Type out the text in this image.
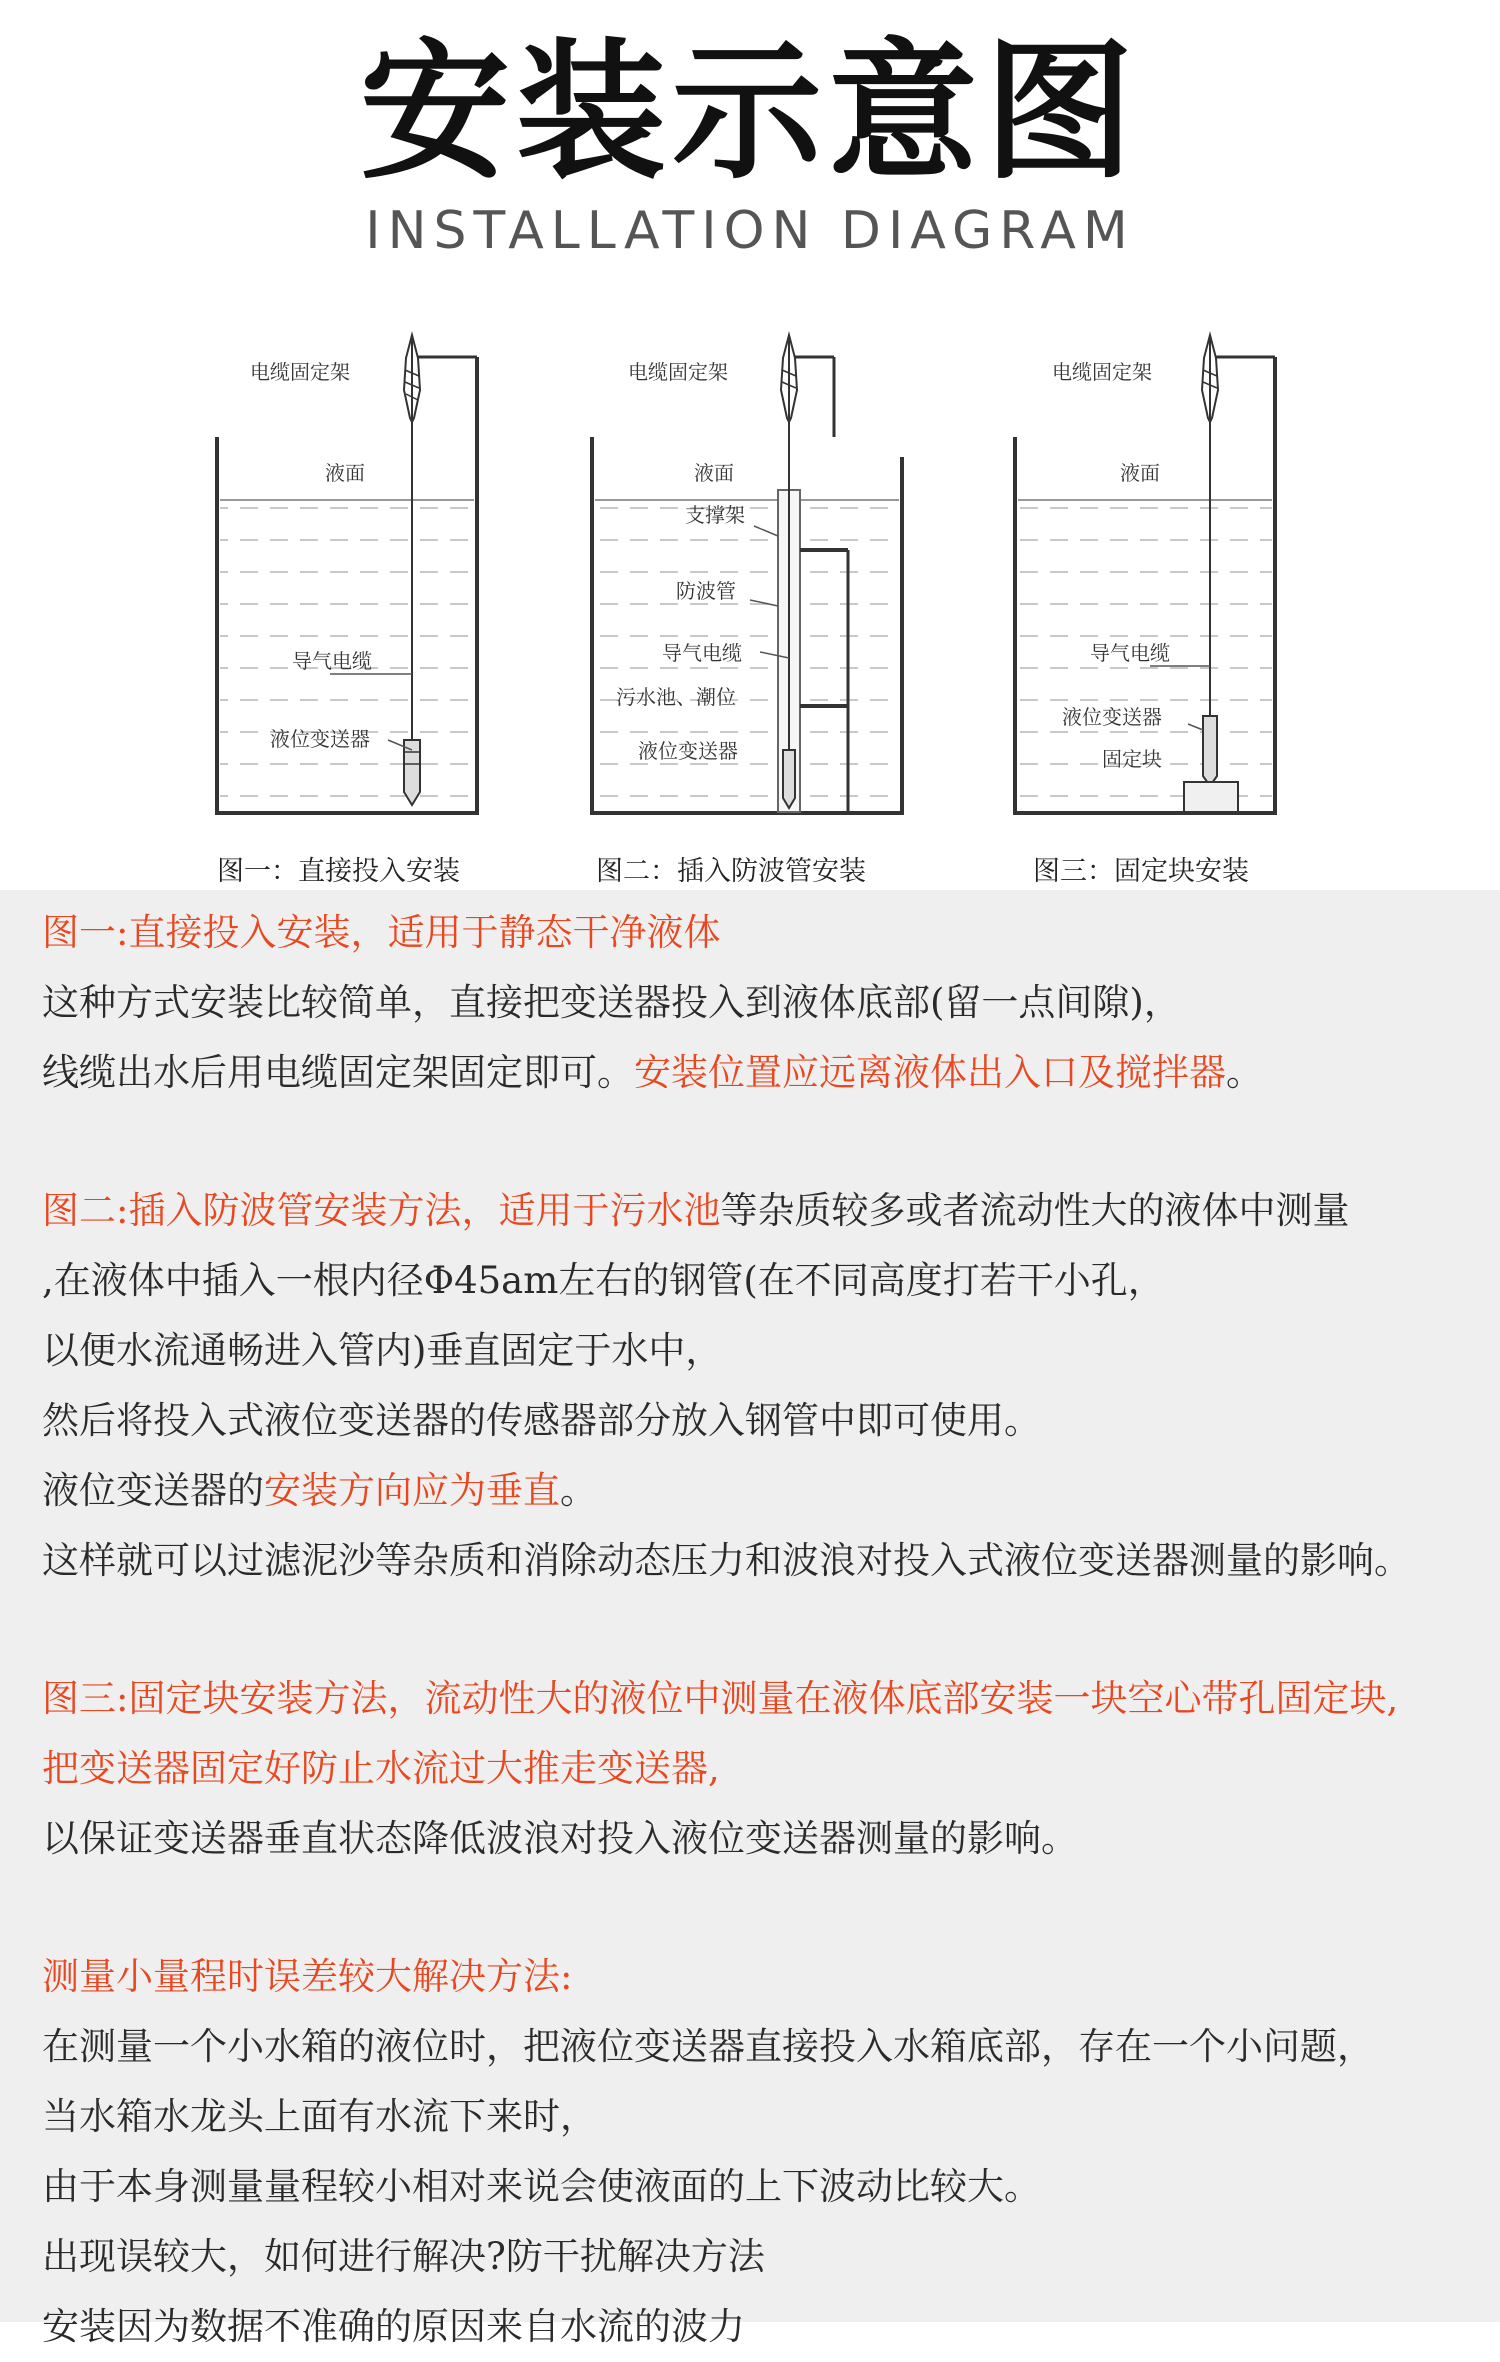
安装示意图
INSTALLATION DIAGRAM
电缆固定架
液面
导气电缆
液位变送器
图一：直接投入安装
电缆固定架
液面
支撑架
防波管
导气电缆
污水池、潮位
液位变送器
图二：插入防波管安装
电缆固定架
液面
导气电缆
液位变送器
固定块
图三：固定块安装
图一:直接投入安装，适用于静态干净液体
这种方式安装比较简单，直接把变送器投入到液体底部(留一点间隙)，
线缆出水后用电缆固定架固定即可。安装位置应远离液体出入口及搅拌器。
图二:插入防波管安装方法，适用于污水池等杂质较多或者流动性大的液体中测量
,在液体中插入一根内径Φ45am左右的钢管(在不同高度打若干小孔，
以便水流通畅进入管内)垂直固定于水中，
然后将投入式液位变送器的传感器部分放入钢管中即可使用。
液位变送器的安装方向应为垂直。
这样就可以过滤泥沙等杂质和消除动态压力和波浪对投入式液位变送器测量的影响。
图三:固定块安装方法，流动性大的液位中测量在液体底部安装一块空心带孔固定块,
把变送器固定好防止水流过大推走变送器,
以保证变送器垂直状态降低波浪对投入液位变送器测量的影响。
测量小量程时误差较大解决方法:
在测量一个小水箱的液位时，把液位变送器直接投入水箱底部，存在一个小问题，
当水箱水龙头上面有水流下来时，
由于本身测量量程较小相对来说会使液面的上下波动比较大。
出现误较大，如何进行解决?防干扰解决方法
安装因为数据不准确的原因来自水流的波力
